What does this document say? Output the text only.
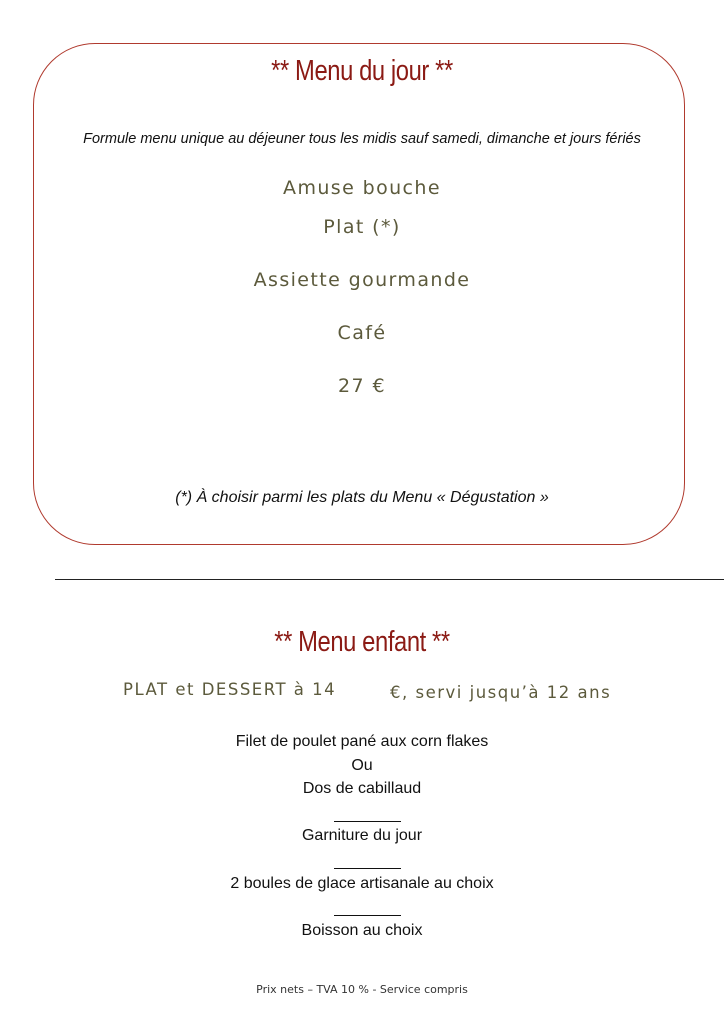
** Menu du jour **
Formule menu unique au déjeuner tous les midis sauf samedi, dimanche et jours fériés
Amuse bouche
Plat (*)
Assiette gourmande
Café
27 €
(*) À choisir parmi les plats du Menu « Dégustation »
** Menu enfant **
PLAT et DESSERT à 14	€, servi jusqu’à 12 ans
Filet de poulet pané aux corn flakes
Ou
Dos de cabillaud
Garniture du jour
2 boules de glace artisanale au choix
Boisson au choix
Prix nets – TVA 10 % - Service compris
